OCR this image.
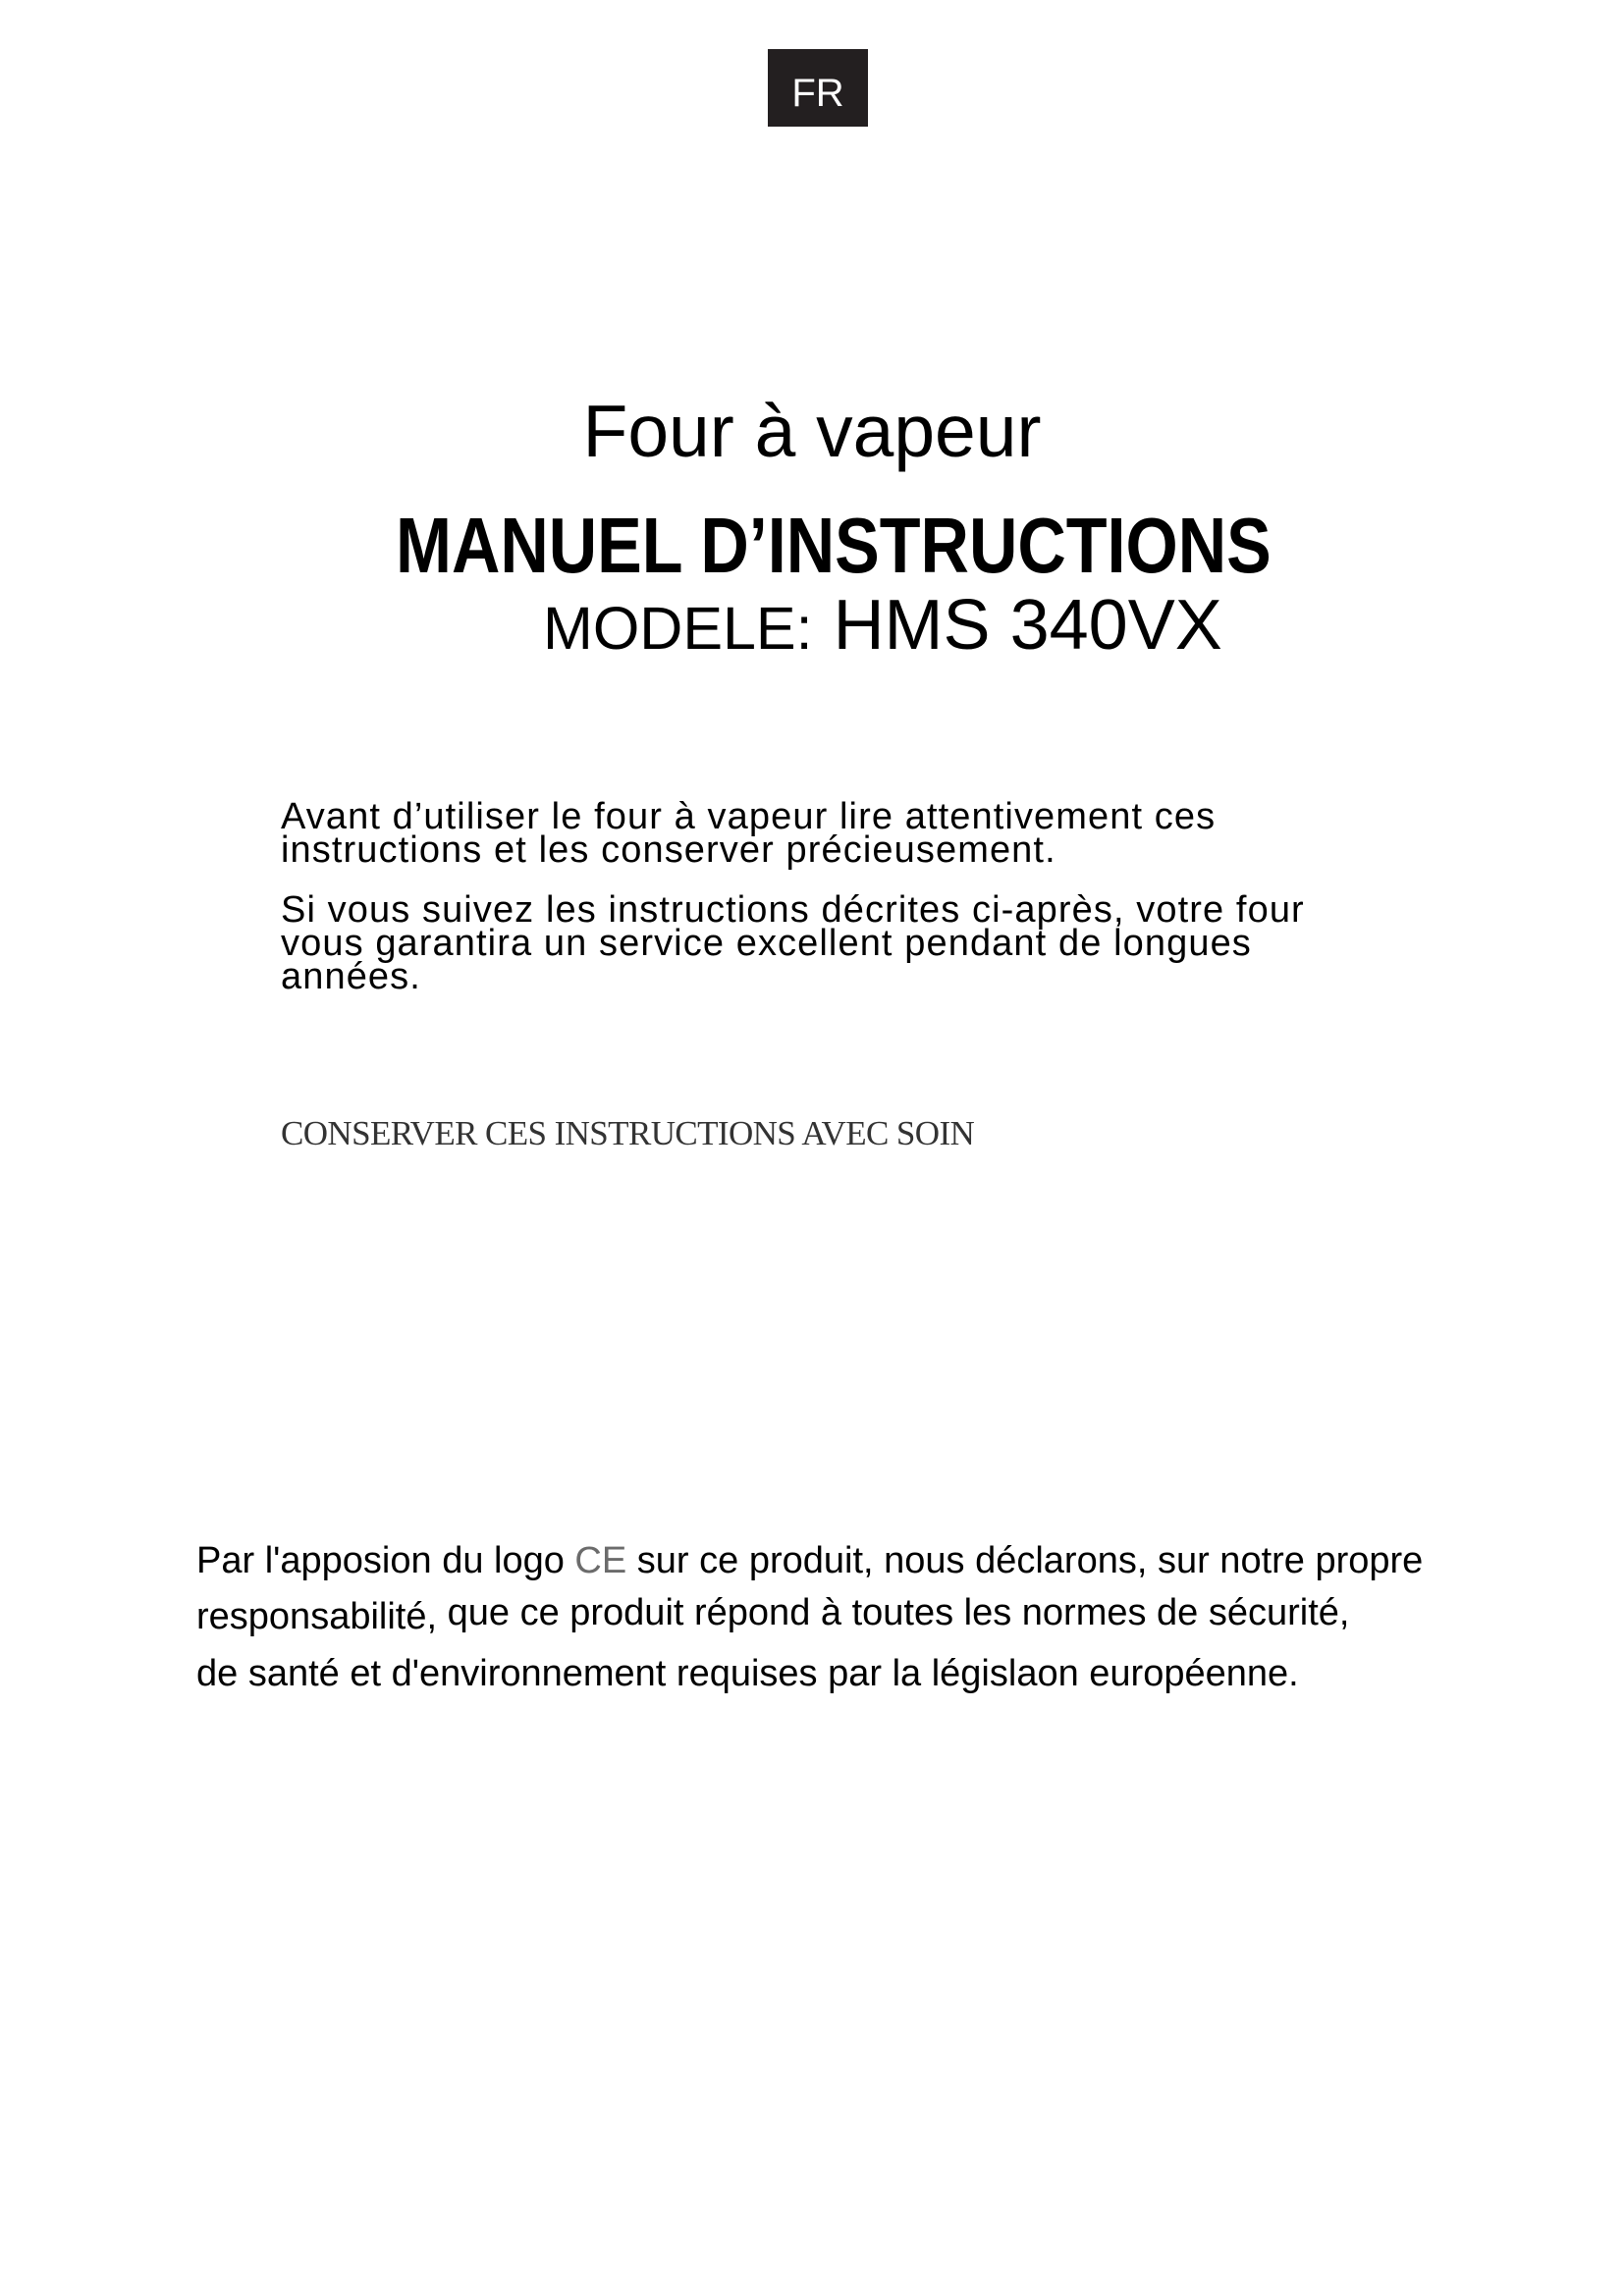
FR
Four à vapeur
MANUEL D’INSTRUCTIONS
MODELE: HMS 340VX
Avant d’utiliser le four à vapeur lire attentivement ces
instructions et les conserver précieusement.
Si vous suivez les instructions décrites ci-après, votre four
vous garantira un service excellent pendant de longues
années.
CONSERVER CES INSTRUCTIONS AVEC SOIN
Par l'apposion du logo CE sur ce produit, nous déclarons, sur notre propre
responsabilité, que ce produit répond à toutes les normes de sécurité,
de santé et d'environnement requises par la législaon européenne.
